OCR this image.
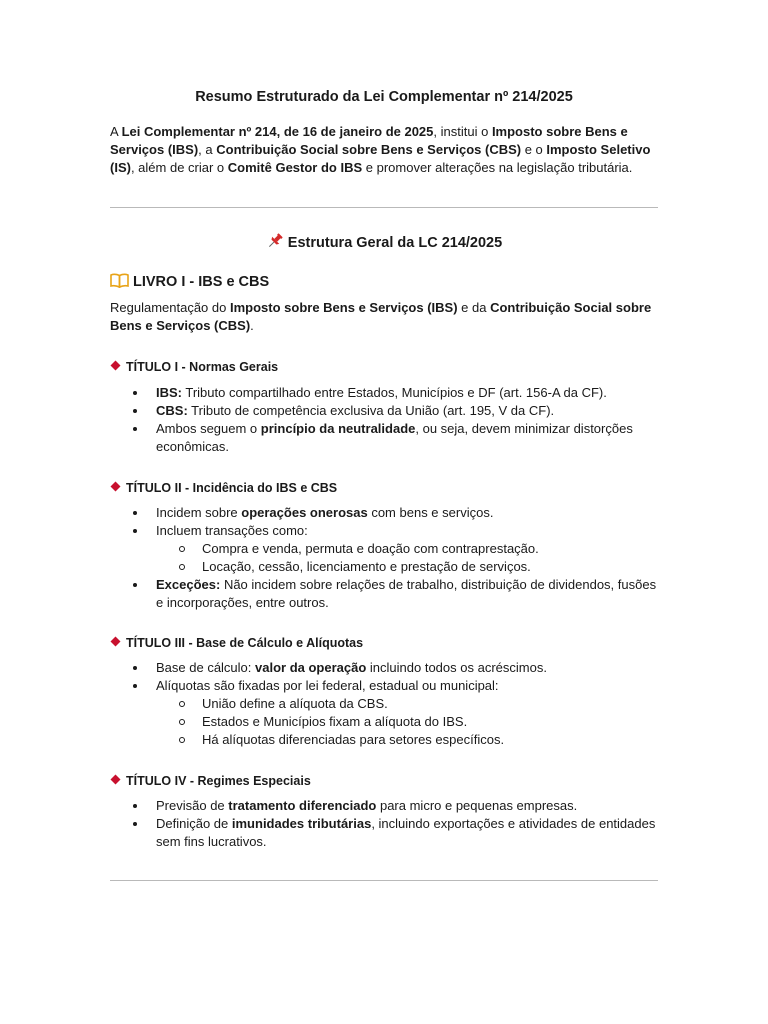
Resumo Estruturado da Lei Complementar nº 214/2025
A Lei Complementar nº 214, de 16 de janeiro de 2025, institui o Imposto sobre Bens e Serviços (IBS), a Contribuição Social sobre Bens e Serviços (CBS) e o Imposto Seletivo (IS), além de criar o Comitê Gestor do IBS e promover alterações na legislação tributária.
Estrutura Geral da LC 214/2025
LIVRO I - IBS e CBS
Regulamentação do Imposto sobre Bens e Serviços (IBS) e da Contribuição Social sobre Bens e Serviços (CBS).
TÍTULO I - Normas Gerais
IBS: Tributo compartilhado entre Estados, Municípios e DF (art. 156-A da CF).
CBS: Tributo de competência exclusiva da União (art. 195, V da CF).
Ambos seguem o princípio da neutralidade, ou seja, devem minimizar distorções econômicas.
TÍTULO II - Incidência do IBS e CBS
Incidem sobre operações onerosas com bens e serviços.
Incluem transações como:
Compra e venda, permuta e doação com contraprestação.
Locação, cessão, licenciamento e prestação de serviços.
Exceções: Não incidem sobre relações de trabalho, distribuição de dividendos, fusões e incorporações, entre outros.
TÍTULO III - Base de Cálculo e Alíquotas
Base de cálculo: valor da operação incluindo todos os acréscimos.
Alíquotas são fixadas por lei federal, estadual ou municipal:
União define a alíquota da CBS.
Estados e Municípios fixam a alíquota do IBS.
Há alíquotas diferenciadas para setores específicos.
TÍTULO IV - Regimes Especiais
Previsão de tratamento diferenciado para micro e pequenas empresas.
Definição de imunidades tributárias, incluindo exportações e atividades de entidades sem fins lucrativos.
